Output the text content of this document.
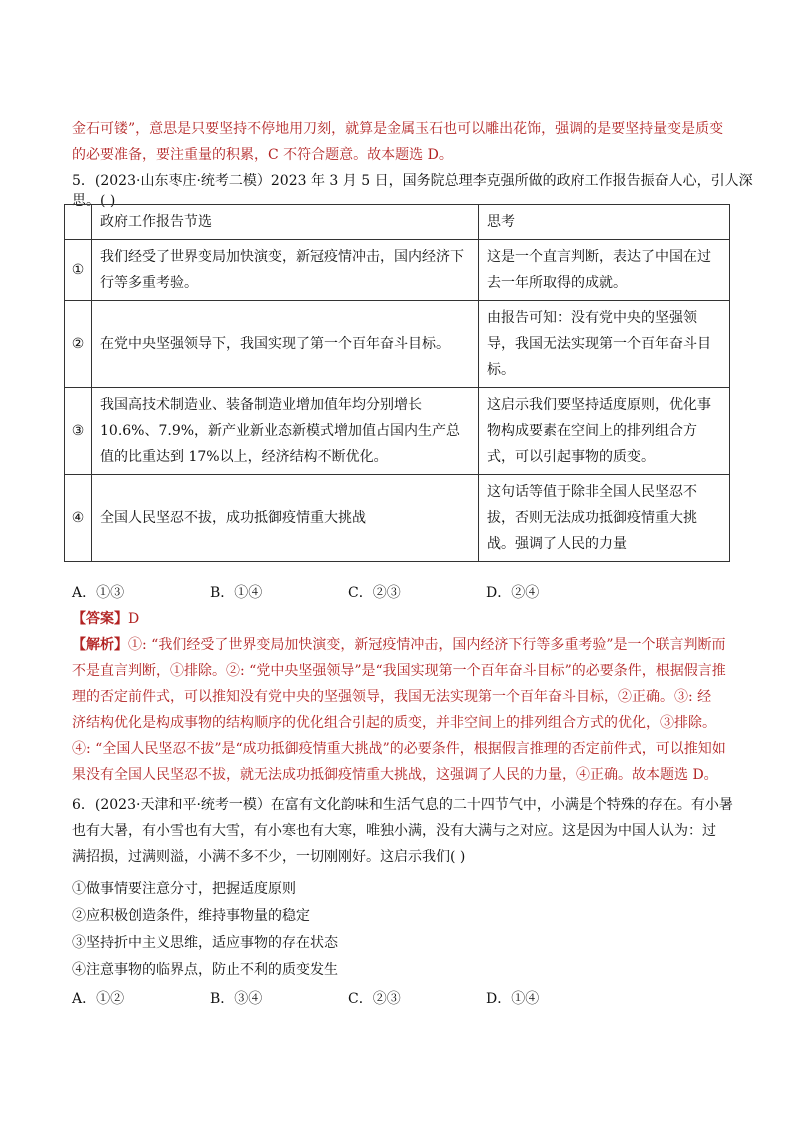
金石可镂”，意思是只要坚持不停地用刀刻，就算是金属玉石也可以雕出花饰，强调的是要坚持量变是质变
的必要准备，要注重量的积累，C 不符合题意。故本题选 D。
5．(2023·山东枣庄·统考二模）2023 年 3 月 5 日，国务院总理李克强所做的政府工作报告振奋人心，引人深
思。( )
	政府工作报告节选	思考
①	我们经受了世界变局加快演变，新冠疫情冲击，国内经济下行等多重考验。	这是一个直言判断，表达了中国在过去一年所取得的成就。
②	在党中央坚强领导下，我国实现了第一个百年奋斗目标。	由报告可知：没有党中央的坚强领导，我国无法实现第一个百年奋斗目标。
③	我国高技术制造业、装备制造业增加值年均分别增长 10.6%、7.9%，新产业新业态新模式增加值占国内生产总值的比重达到 17%以上，经济结构不断优化。	这启示我们要坚持适度原则，优化事物构成要素在空间上的排列组合方式，可以引起事物的质变。
④	全国人民坚忍不拔，成功抵御疫情重大挑战	这句话等值于除非全国人民坚忍不拔，否则无法成功抵御疫情重大挑战。强调了人民的力量
A．①③	B．①④	C．②③	D．②④
【答案】D
【解析】①: “我们经受了世界变局加快演变，新冠疫情冲击，国内经济下行等多重考验”是一个联言判断而
不是直言判断，①排除。②: “党中央坚强领导”是“我国实现第一个百年奋斗目标”的必要条件，根据假言推
理的否定前件式，可以推知没有党中央的坚强领导，我国无法实现第一个百年奋斗目标，②正确。③: 经
济结构优化是构成事物的结构顺序的优化组合引起的质变，并非空间上的排列组合方式的优化，③排除。
④: “全国人民坚忍不拔”是“成功抵御疫情重大挑战”的必要条件，根据假言推理的否定前件式，可以推知如
果没有全国人民坚忍不拔，就无法成功抵御疫情重大挑战，这强调了人民的力量，④正确。故本题选 D。
6．(2023·天津和平·统考一模）在富有文化韵味和生活气息的二十四节气中，小满是个特殊的存在。有小暑
也有大暑，有小雪也有大雪，有小寒也有大寒，唯独小满，没有大满与之对应。这是因为中国人认为：过
满招损，过满则溢，小满不多不少，一切刚刚好。这启示我们( )
①做事情要注意分寸，把握适度原则
②应积极创造条件，维持事物量的稳定
③坚持折中主义思维，适应事物的存在状态
④注意事物的临界点，防止不利的质变发生
A．①②	B．③④	C．②③	D．①④
